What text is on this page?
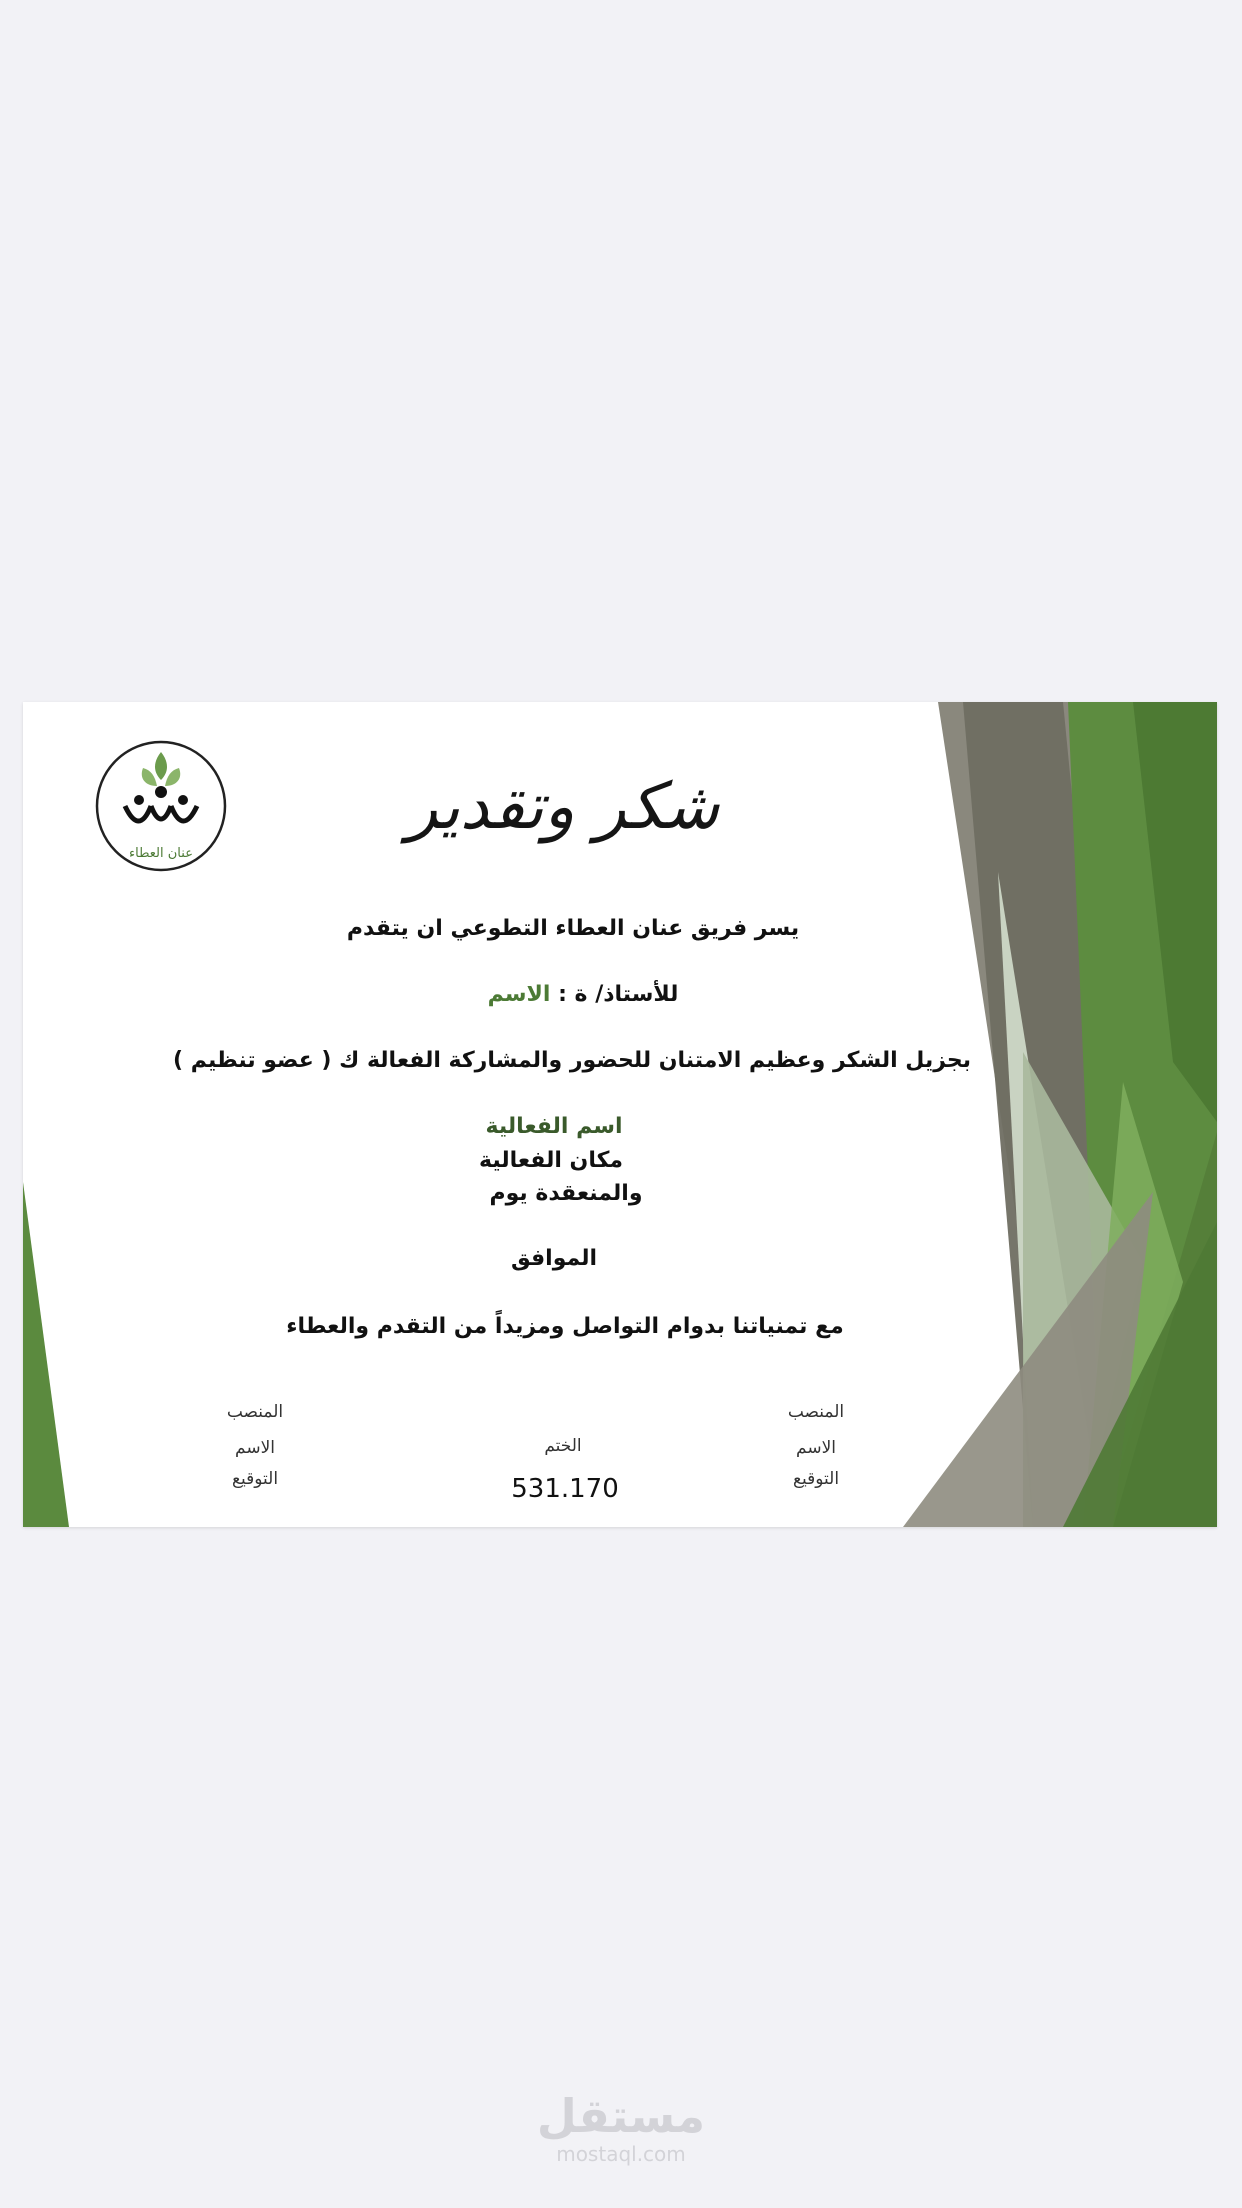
عنان العطاء
شكر وتقدير
يسر فريق عنان العطاء التطوعي ان يتقدم
للأستاذ/ ة : الاسم
بجزيل الشكر وعظيم الامتنان للحضور والمشاركة الفعالة ك ( عضو تنظيم )
اسم الفعالية
مكان الفعالية
والمنعقدة يوم
الموافق
مع تمنياتنا بدوام التواصل ومزيداً من التقدم والعطاء
المنصب
الاسم
التوقيع
الختم
531.170
المنصب
الاسم
التوقيع
مستقل
mostaql.com
